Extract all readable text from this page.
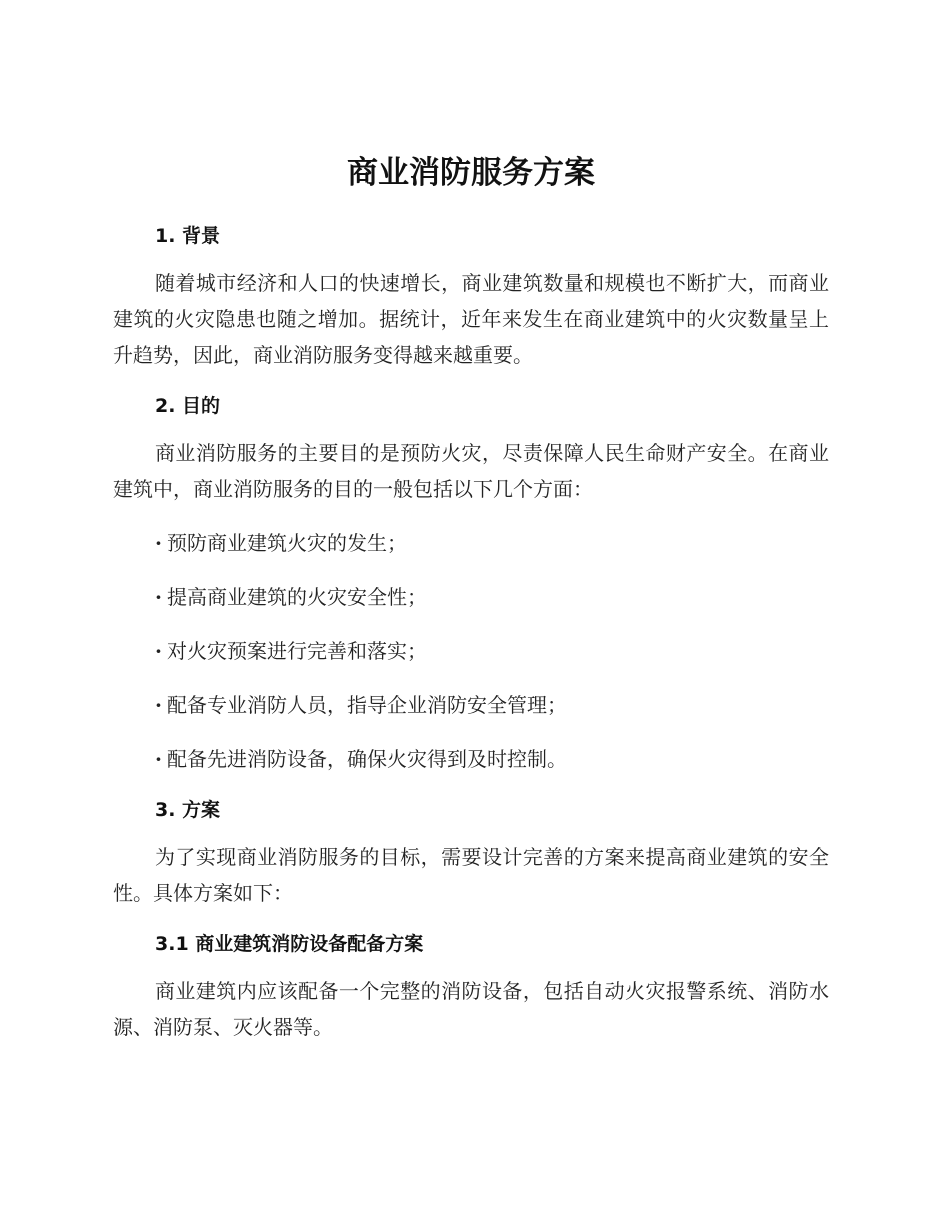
商业消防服务方案
1. 背景

随着城市经济和人口的快速增长，商业建筑数量和规模也不断扩大，而商业建筑的火灾隐患也随之增加。据统计，近年来发生在商业建筑中的火灾数量呈上升趋势，因此，商业消防服务变得越来越重要。

2. 目的

商业消防服务的主要目的是预防火灾，尽责保障人民生命财产安全。在商业建筑中，商业消防服务的目的一般包括以下几个方面：

· 预防商业建筑火灾的发生；

· 提高商业建筑的火灾安全性；

· 对火灾预案进行完善和落实；

· 配备专业消防人员，指导企业消防安全管理；

· 配备先进消防设备，确保火灾得到及时控制。

3. 方案

为了实现商业消防服务的目标，需要设计完善的方案来提高商业建筑的安全性。具体方案如下：

3.1 商业建筑消防设备配备方案

商业建筑内应该配备一个完整的消防设备，包括自动火灾报警系统、消防水源、消防泵、灭火器等。
